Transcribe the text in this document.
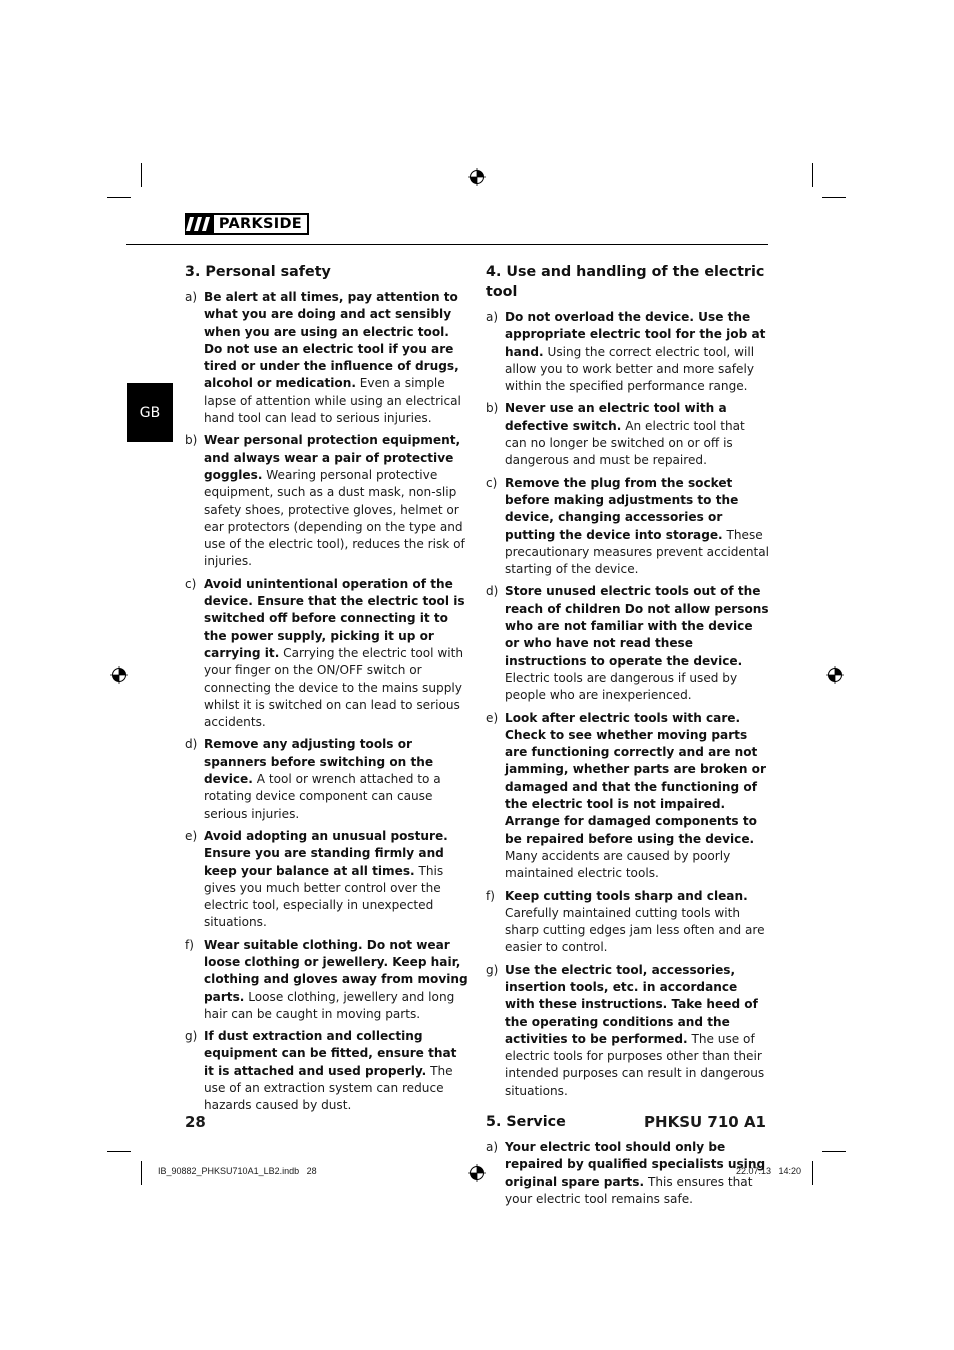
PARKSIDE
GB
3. Personal safety
a) Be alert at all times, pay attention to what you are doing and act sensibly when you are using an electric tool. Do not use an electric tool if you are tired or under the influence of drugs, alcohol or medication. Even a simple lapse of attention while using an electrical hand tool can lead to serious injuries.
b) Wear personal protection equipment, and always wear a pair of protective goggles. Wearing personal protective equipment, such as a dust mask, non-slip safety shoes, protective gloves, helmet or ear protectors (depending on the type and use of the electric tool), reduces the risk of injuries.
c) Avoid unintentional operation of the device. Ensure that the electric tool is switched off before connecting it to the power supply, picking it up or carrying it. Carrying the electric tool with your finger on the ON/OFF switch or connecting the device to the mains supply whilst it is switched on can lead to serious accidents.
d) Remove any adjusting tools or spanners before switching on the device. A tool or wrench attached to a rotating device component can cause serious injuries.
e) Avoid adopting an unusual posture. Ensure you are standing firmly and keep your balance at all times. This gives you much better control over the electric tool, especially in unexpected situations.
f) Wear suitable clothing. Do not wear loose clothing or jewellery. Keep hair, clothing and gloves away from moving parts. Loose clothing, jewellery and long hair can be caught in moving parts.
g) If dust extraction and collecting equipment can be fitted, ensure that it is attached and used properly. The use of an extraction system can reduce hazards caused by dust.
4. Use and handling of the electric tool
a) Do not overload the device. Use the appropriate electric tool for the job at hand. Using the correct electric tool, will allow you to work better and more safely within the specified performance range.
b) Never use an electric tool with a defective switch. An electric tool that can no longer be switched on or off is dangerous and must be repaired.
c) Remove the plug from the socket before making adjustments to the device, changing accessories or putting the device into storage. These precautionary measures prevent accidental starting of the device.
d) Store unused electric tools out of the reach of children Do not allow persons who are not familiar with the device or who have not read these instructions to operate the device. Electric tools are dangerous if used by people who are inexperienced.
e) Look after electric tools with care. Check to see whether moving parts are functioning correctly and are not jamming, whether parts are broken or damaged and that the functioning of the electric tool is not impaired. Arrange for damaged components to be repaired before using the device. Many accidents are caused by poorly maintained electric tools.
f) Keep cutting tools sharp and clean. Carefully maintained cutting tools with sharp cutting edges jam less often and are easier to control.
g) Use the electric tool, accessories, insertion tools, etc. in accordance with these instructions. Take heed of the operating conditions and the activities to be performed. The use of electric tools for purposes other than their intended purposes can result in dangerous situations.
5. Service
a) Your electric tool should only be repaired by qualified specialists using original spare parts. This ensures that your electric tool remains safe.
28	PHKSU 710 A1
IB_90882_PHKSU710A1_LB2.indb   28	22.07.13   14:20
